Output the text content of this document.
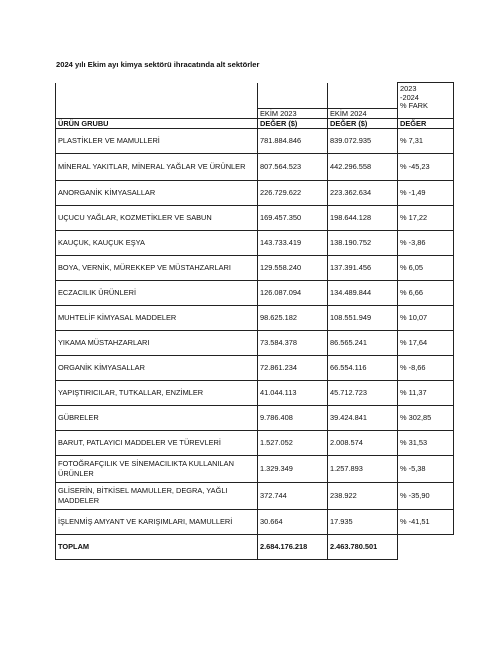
2024 yılı Ekim ayı kimya sektörü ihracatında alt sektörler
			2023
-2024
% FARK
	EKİM 2023	EKİM 2024	
ÜRÜN GRUBU	DEĞER ($)	DEĞER ($)	DEĞER
PLASTİKLER VE MAMULLERİ	781.884.846	839.072.935	% 7,31
MİNERAL YAKITLAR, MİNERAL YAĞLAR VE ÜRÜNLER	807.564.523	442.296.558	% -45,23
ANORGANİK KİMYASALLAR	226.729.622	223.362.634	% -1,49
UÇUCU YAĞLAR, KOZMETİKLER VE SABUN	169.457.350	198.644.128	% 17,22
KAUÇUK, KAUÇUK EŞYA	143.733.419	138.190.752	% -3,86
BOYA, VERNİK, MÜREKKEP VE MÜSTAHZARLARI	129.558.240	137.391.456	% 6,05
ECZACILIK ÜRÜNLERİ	126.087.094	134.489.844	% 6,66
MUHTELİF KİMYASAL MADDELER	98.625.182	108.551.949	% 10,07
YIKAMA MÜSTAHZARLARI	73.584.378	86.565.241	% 17,64
ORGANİK KİMYASALLAR	72.861.234	66.554.116	% -8,66
YAPIŞTIRICILAR, TUTKALLAR, ENZİMLER	41.044.113	45.712.723	% 11,37
GÜBRELER	9.786.408	39.424.841	% 302,85
BARUT, PATLAYICI MADDELER VE TÜREVLERİ	1.527.052	2.008.574	% 31,53
FOTOĞRAFÇILIK VE SİNEMACILIKTA KULLANILAN ÜRÜNLER	1.329.349	1.257.893	% -5,38
GLİSERİN, BİTKİSEL MAMULLER, DEGRA, YAĞLI MADDELER	372.744	238.922	% -35,90
İŞLENMİŞ AMYANT VE KARIŞIMLARI, MAMULLERİ	30.664	17.935	% -41,51
TOPLAM	2.684.176.218	2.463.780.501	
